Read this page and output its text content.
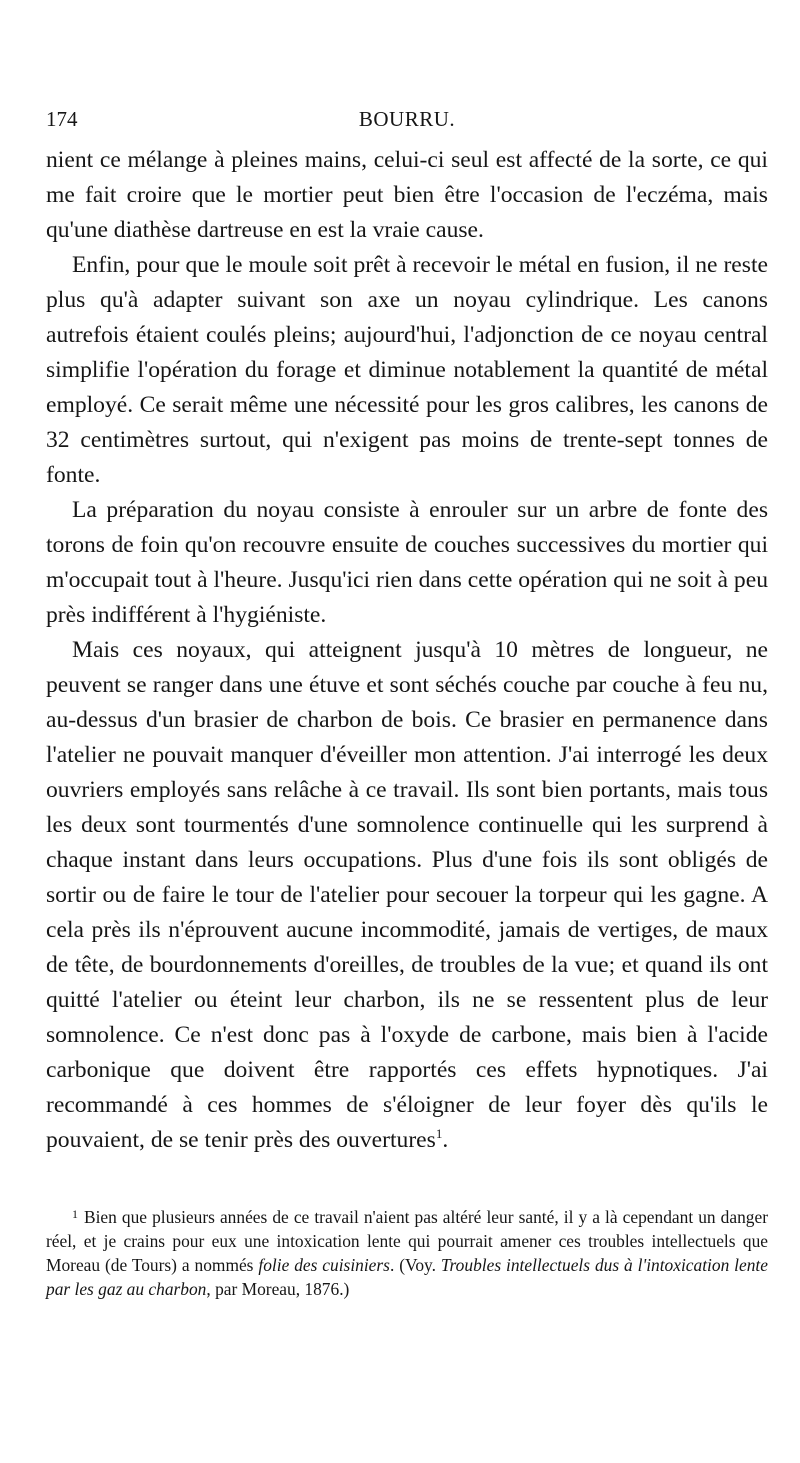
174	BOURRU.

nient ce mélange à pleines mains, celui-ci seul est affecté de la sorte, ce qui me fait croire que le mortier peut bien être l'occasion de l'eczéma, mais qu'une diathèse dartreuse en est la vraie cause.

Enfin, pour que le moule soit prêt à recevoir le métal en fusion, il ne reste plus qu'à adapter suivant son axe un noyau cylindrique. Les canons autrefois étaient coulés pleins; aujourd'hui, l'adjonction de ce noyau central simplifie l'opération du forage et diminue notablement la quantité de métal employé. Ce serait même une nécessité pour les gros calibres, les canons de 32 centimètres surtout, qui n'exigent pas moins de trente-sept tonnes de fonte.

La préparation du noyau consiste à enrouler sur un arbre de fonte des torons de foin qu'on recouvre ensuite de couches successives du mortier qui m'occupait tout à l'heure. Jusqu'ici rien dans cette opération qui ne soit à peu près indifférent à l'hygiéniste.

Mais ces noyaux, qui atteignent jusqu'à 10 mètres de longueur, ne peuvent se ranger dans une étuve et sont séchés couche par couche à feu nu, au-dessus d'un brasier de charbon de bois. Ce brasier en permanence dans l'atelier ne pouvait manquer d'éveiller mon attention. J'ai interrogé les deux ouvriers employés sans relâche à ce travail. Ils sont bien portants, mais tous les deux sont tourmentés d'une somnolence continuelle qui les surprend à chaque instant dans leurs occupations. Plus d'une fois ils sont obligés de sortir ou de faire le tour de l'atelier pour secouer la torpeur qui les gagne. A cela près ils n'éprouvent aucune incommodité, jamais de vertiges, de maux de tête, de bourdonnements d'oreilles, de troubles de la vue; et quand ils ont quitté l'atelier ou éteint leur charbon, ils ne se ressentent plus de leur somnolence. Ce n'est donc pas à l'oxyde de carbone, mais bien à l'acide carbonique que doivent être rapportés ces effets hypnotiques. J'ai recommandé à ces hommes de s'éloigner de leur foyer dès qu'ils le pouvaient, de se tenir près des ouvertures$^1$.

$^1$ Bien que plusieurs années de ce travail n'aient pas altéré leur santé, il y a là cependant un danger réel, et je crains pour eux une intoxication lente qui pourrait amener ces troubles intellectuels que Moreau (de Tours) a nommés folie des cuisiniers. (Voy. Troubles intellectuels dus à l'intoxication lente par les gaz au charbon, par Moreau, 1876.)
